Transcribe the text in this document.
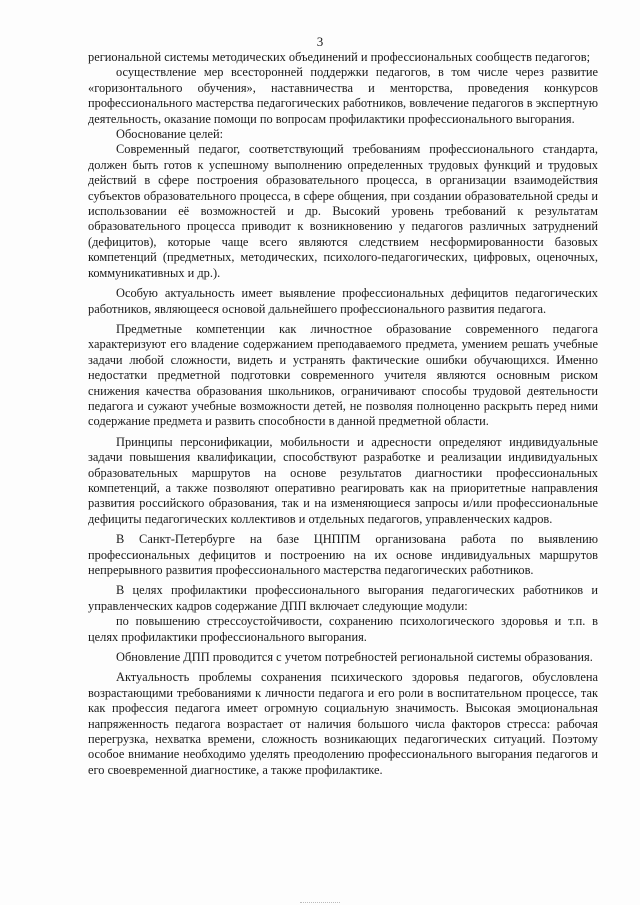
3

региональной системы методических объединений и профессиональных сообществ педагогов;

осуществление мер всесторонней поддержки педагогов, в том числе через развитие «горизонтального обучения», наставничества и менторства, проведения конкурсов профессионального мастерства педагогических работников, вовлечение педагогов в экспертную деятельность, оказание помощи по вопросам профилактики профессионального выгорания.

Обоснование целей:

Современный педагог, соответствующий требованиям профессионального стандарта, должен быть готов к успешному выполнению определенных трудовых функций и трудовых действий в сфере построения образовательного процесса, в организации взаимодействия субъектов образовательного процесса, в сфере общения, при создании образовательной среды и использовании её возможностей и др. Высокий уровень требований к результатам образовательного процесса приводит к возникновению у педагогов различных затруднений (дефицитов), которые чаще всего являются следствием несформированности базовых компетенций (предметных, методических, психолого-педагогических, цифровых, оценочных, коммуникативных и др.).

Особую актуальность имеет выявление профессиональных дефицитов педагогических работников, являющееся основой дальнейшего профессионального развития педагога.

Предметные компетенции как личностное образование современного педагога характеризуют его владение содержанием преподаваемого предмета, умением решать учебные задачи любой сложности, видеть и устранять фактические ошибки обучающихся. Именно недостатки предметной подготовки современного учителя являются основным риском снижения качества образования школьников, ограничивают способы трудовой деятельности педагога и сужают учебные возможности детей, не позволяя полноценно раскрыть перед ними содержание предмета и развить способности в данной предметной области.

Принципы персонификации, мобильности и адресности определяют индивидуальные задачи повышения квалификации, способствуют разработке и реализации индивидуальных образовательных маршрутов на основе результатов диагностики профессиональных компетенций, а также позволяют оперативно реагировать как на приоритетные направления развития российского образования, так и на изменяющиеся запросы и/или профессиональные дефициты педагогических коллективов и отдельных педагогов, управленческих кадров.

В Санкт-Петербурге на базе ЦНППМ организована работа по выявлению профессиональных дефицитов и построению на их основе индивидуальных маршрутов непрерывного развития профессионального мастерства педагогических работников.

В целях профилактики профессионального выгорания педагогических работников и управленческих кадров содержание ДПП включает следующие модули:

по повышению стрессоустойчивости, сохранению психологического здоровья и т.п. в целях профилактики профессионального выгорания.

Обновление ДПП проводится с учетом потребностей региональной системы образования.

Актуальность проблемы сохранения психического здоровья педагогов, обусловлена возрастающими требованиями к личности педагога и его роли в воспитательном процессе, так как профессия педагога имеет огромную социальную значимость. Высокая эмоциональная напряженность педагога возрастает от наличия большого числа факторов стресса: рабочая перегрузка, нехватка времени, сложность возникающих педагогических ситуаций. Поэтому особое внимание необходимо уделять преодолению профессионального выгорания педагогов и его своевременной диагностике, а также профилактике.
